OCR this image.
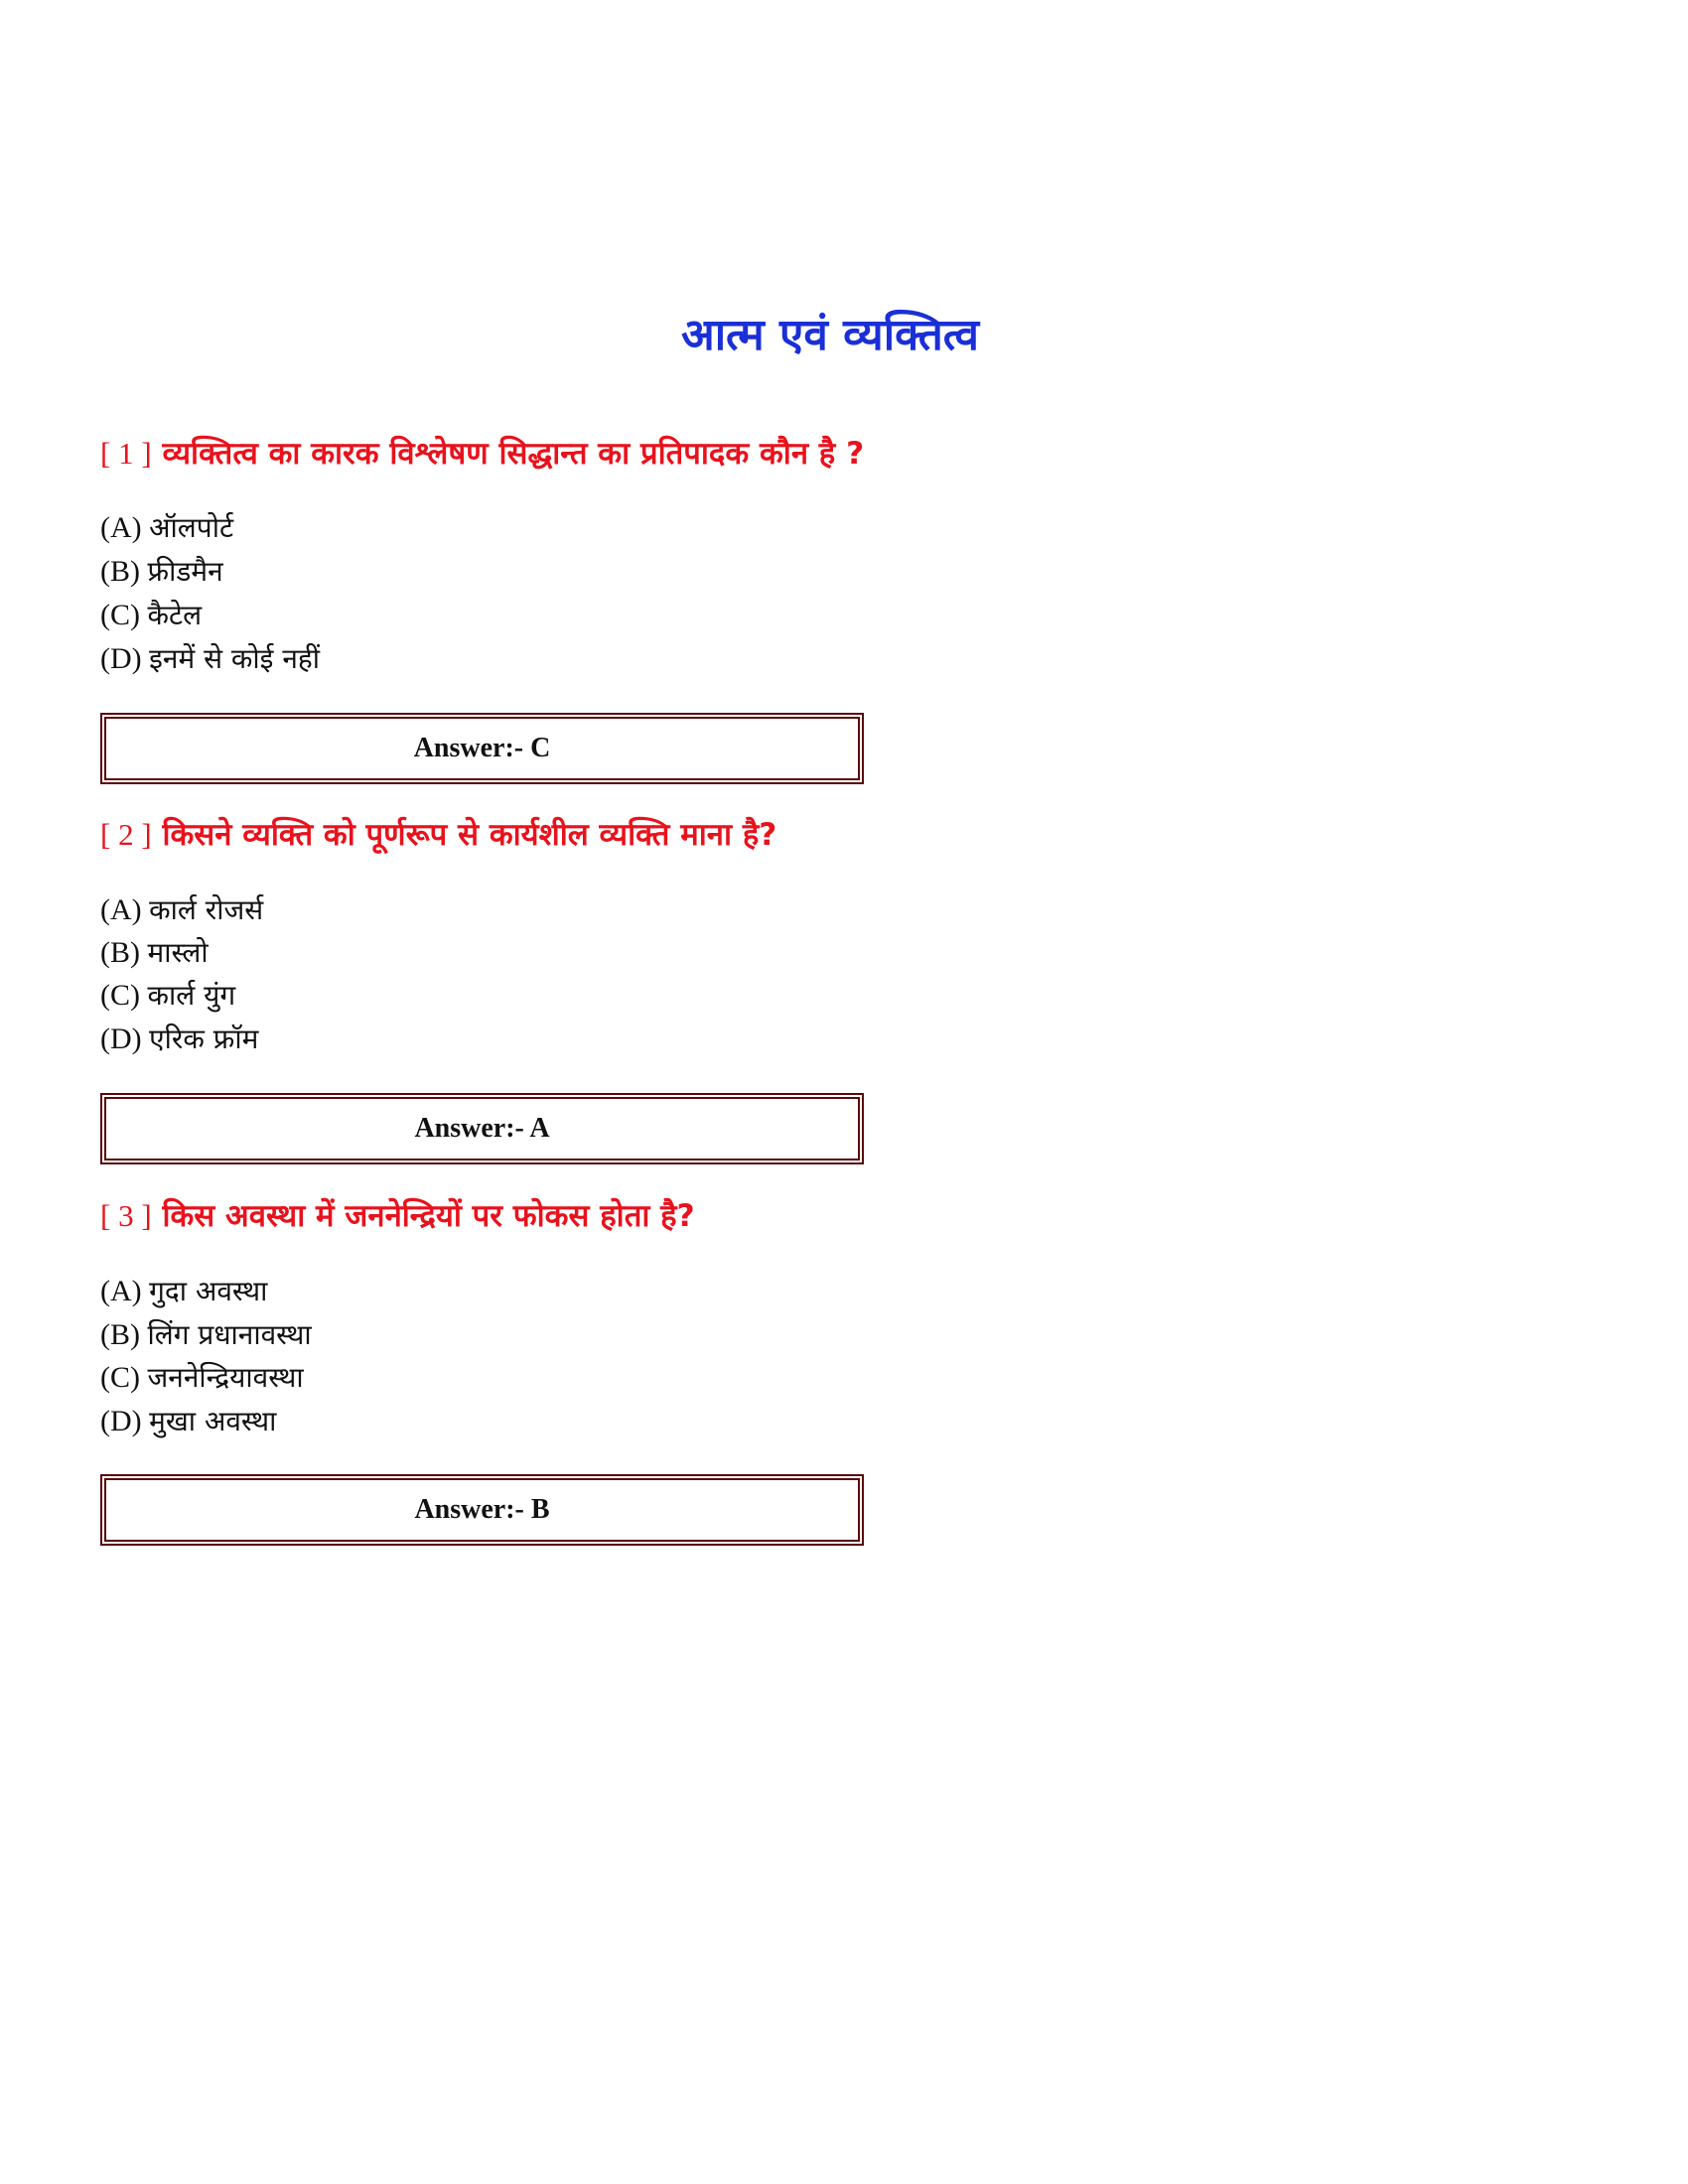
आत्म एवं व्यक्तित्व
[ 1 ] व्यक्तित्व का कारक विश्लेषण सिद्धान्त का प्रतिपादक कौन है ?
(A) ऑलपोर्ट
(B) फ्रीडमैन
(C) कैटेल
(D) इनमें से कोई नहीं
Answer:- C
[ 2 ] किसने व्यक्ति को पूर्णरूप से कार्यशील व्यक्ति माना है?
(A) कार्ल रोजर्स
(B) मास्लो
(C) कार्ल युंग
(D) एरिक फ्रॉम
Answer:- A
[ 3 ] किस अवस्था में जननेन्द्रियों पर फोकस होता है?
(A) गुदा अवस्था
(B) लिंग प्रधानावस्था
(C) जननेन्द्रियावस्था
(D) मुखा अवस्था
Answer:- B
